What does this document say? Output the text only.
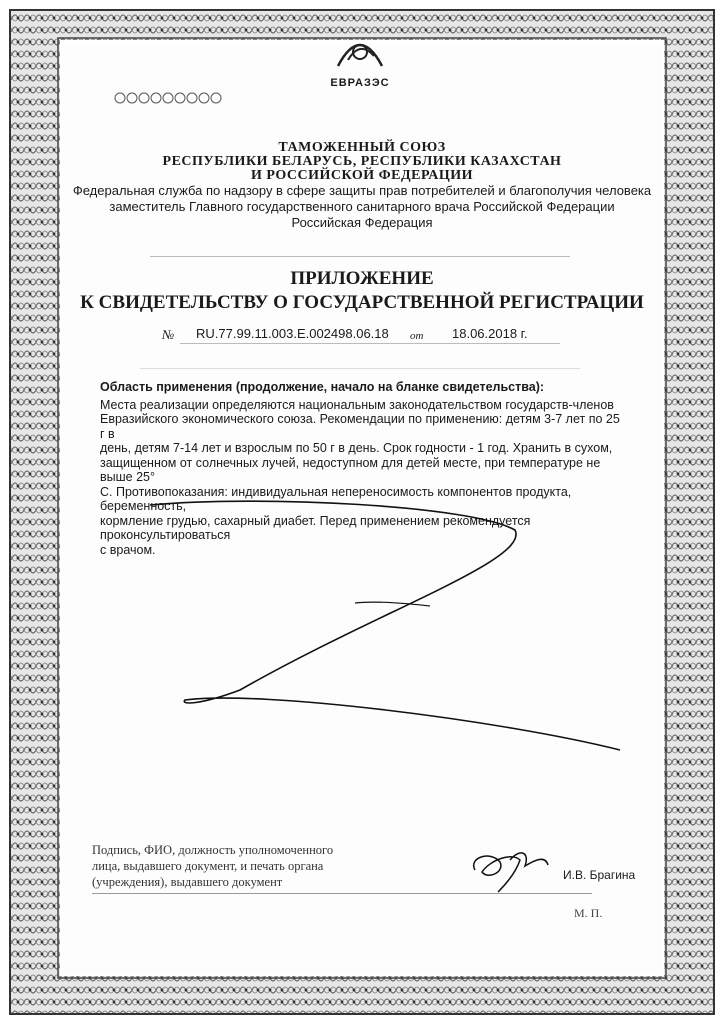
ЕВРАЗЭС
ТАМОЖЕННЫЙ СОЮЗ
РЕСПУБЛИКИ БЕЛАРУСЬ, РЕСПУБЛИКИ КАЗАХСТАН
И РОССИЙСКОЙ ФЕДЕРАЦИИ
Федеральная служба по надзору в сфере защиты прав потребителей и благополучия человека
заместитель Главного государственного санитарного врача Российской Федерации
Российская Федерация
ПРИЛОЖЕНИЕ
К СВИДЕТЕЛЬСТВУ О ГОСУДАРСТВЕННОЙ РЕГИСТРАЦИИ
№ RU.77.99.11.003.Е.002498.06.18 от 18.06.2018 г.
Область применения (продолжение, начало на бланке свидетельства):
Места реализации определяются национальным законодательством государств-членов
Евразийского экономического союза. Рекомендации по применению: детям 3-7 лет по 25 г в
день, детям 7-14 лет и взрослым по 50 г в день. Срок годности - 1 год. Хранить в сухом,
защищенном от солнечных лучей, недоступном для детей месте, при температуре не выше 25°
С. Противопоказания: индивидуальная непереносимость компонентов продукта, беременность,
кормление грудью, сахарный диабет. Перед применением рекомендуется проконсультироваться
с врачом.
Подпись, ФИО, должность уполномоченного
лица, выдавшего документ, и печать органа
(учреждения), выдавшего документ	И.В. Брагина
М. П.
